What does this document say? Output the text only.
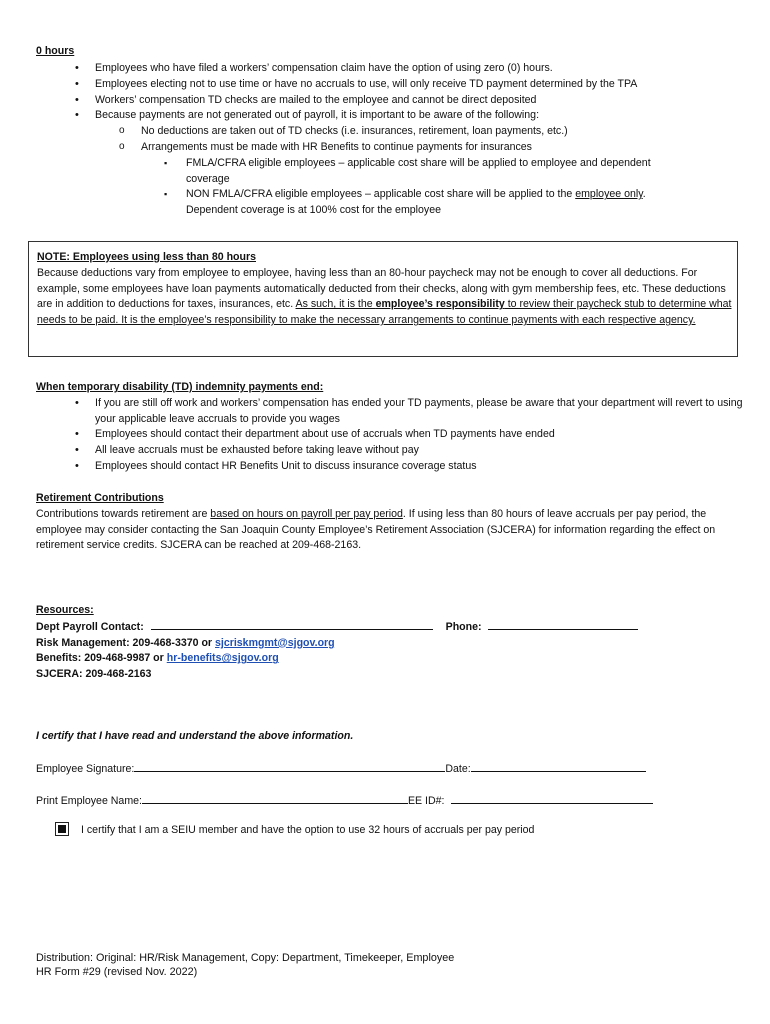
0 hours
• Employees who have filed a workers’ compensation claim have the option of using zero (0) hours.
• Employees electing not to use time or have no accruals to use, will only receive TD payment determined by the TPA
• Workers’ compensation TD checks are mailed to the employee and cannot be direct deposited
• Because payments are not generated out of payroll, it is important to be aware of the following:
o No deductions are taken out of TD checks (i.e. insurances, retirement, loan payments, etc.)
o Arrangements must be made with HR Benefits to continue payments for insurances
▪ FMLA/CFRA eligible employees – applicable cost share will be applied to employee and dependent coverage
▪ NON FMLA/CFRA eligible employees – applicable cost share will be applied to the employee only. Dependent coverage is at 100% cost for the employee
NOTE: Employees using less than 80 hours
Because deductions vary from employee to employee, having less than an 80-hour paycheck may not be enough to cover all deductions. For example, some employees have loan payments automatically deducted from their checks, along with gym membership fees, etc. These deductions are in addition to deductions for taxes, insurances, etc. As such, it is the employee’s responsibility to review their paycheck stub to determine what needs to be paid. It is the employee’s responsibility to make the necessary arrangements to continue payments with each respective agency.
When temporary disability (TD) indemnity payments end:
• If you are still off work and workers’ compensation has ended your TD payments, please be aware that your department will revert to using your applicable leave accruals to provide you wages
• Employees should contact their department about use of accruals when TD payments have ended
• All leave accruals must be exhausted before taking leave without pay
• Employees should contact HR Benefits Unit to discuss insurance coverage status
Retirement Contributions
Contributions towards retirement are based on hours on payroll per pay period. If using less than 80 hours of leave accruals per pay period, the employee may consider contacting the San Joaquin County Employee’s Retirement Association (SJCERA) for information regarding the effect on retirement service credits. SJCERA can be reached at 209-468-2163.
Resources:
Dept Payroll Contact:	Phone:
Risk Management: 209-468-3370 or sjcriskmgmt@sjgov.org
Benefits: 209-468-9987 or hr-benefits@sjgov.org
SJCERA: 209-468-2163
I certify that I have read and understand the above information.
Employee Signature:	Date:
Print Employee Name:	EE ID#:
I certify that I am a SEIU member and have the option to use 32 hours of accruals per pay period
Distribution: Original: HR/Risk Management, Copy: Department, Timekeeper, Employee
HR Form #29 (revised Nov. 2022)
